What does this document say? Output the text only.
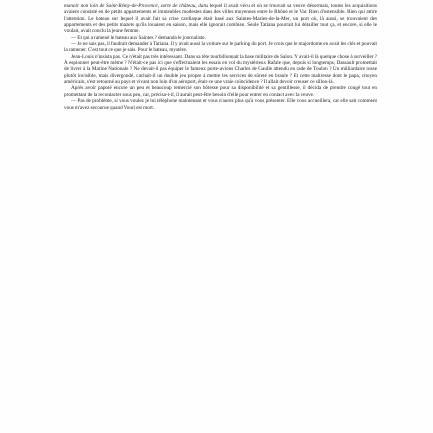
manoir non loin de Saint-Rémy-de-Provence, sorte de château, dans lequel il avait vécu et où se trouvait sa veuve désormais, toutes les acquisitions avaient consisté en de petits appartements et immeubles modestes dans des villes moyennes entre le Rhône et le Var. Rien d'ostensible. Rien qui attire l'attention. Le bateau sur lequel il avait fait sa crise cardiaque était basé aux Saintes-Maries-de-la-Mer, un port où, là aussi, se trouvaient des appartements et des petits mazets qu'ils louaient en saison, mais elle ignorait combien. Seule Tatiana pourrait lui détailler tout ça, et encore, si elle le voulait, avait conclu la jeune femme.

— Et qui a ramené le bateau aux Saintes ? demanda le journaliste.

— Je ne sais pas, il faudrait demander à Tatiana. Il y avait aussi la voiture sur le parking du port. Je crois que le majordome en avait les clés et pouvait la ramener. C'est tout ce que je sais. Pour le bateau, mystère.

Jean-Louis n'insista pas. Ce n'était pas très intéressant. Dans sa tête tourbillonnait la base militaire de Salon. Y avait-il là quelque chose à surveiller ? À espionner peut-être même ? N'était-ce pas ici que s'effectuaient les essais en vol du mystérieux Rafale que, depuis si longtemps, Dassault promettait de livrer à la Marine Nationale ? Ne devait-il pas équiper le fameux porte-avions Charles de Gaulle attendu en rade de Toulon ? Un milliardaire russe plutôt invisible, mais divergondé, cachait-il un double jeu propre à mettre les services de sûreté en branle ? Et cette maîtresse dont le papa, citoyen américain, s'est retourné au pays et vivant non loin d'un aéroport, était-ce une vraie coïncidence ? Il allait devoir creuser ce sillon-là.

Après avoir papoté encore un peu et beaucoup remercié son hôtesse pour sa disponibilité et sa gentillesse, il décida de prendre congé tout en promettant de la recontacter sous peu, car, précisa-t-il, il aurait peut-être besoin d'elle pour entrer en contact avec la veuve.

— Pas de problème, si vous voulez je lui téléphone maintenant et vous n'aurez plus qu'à vous présenter. Elle vous accueillera, car elle sait comment vous m'avez secourue quand Vouri est mort.
